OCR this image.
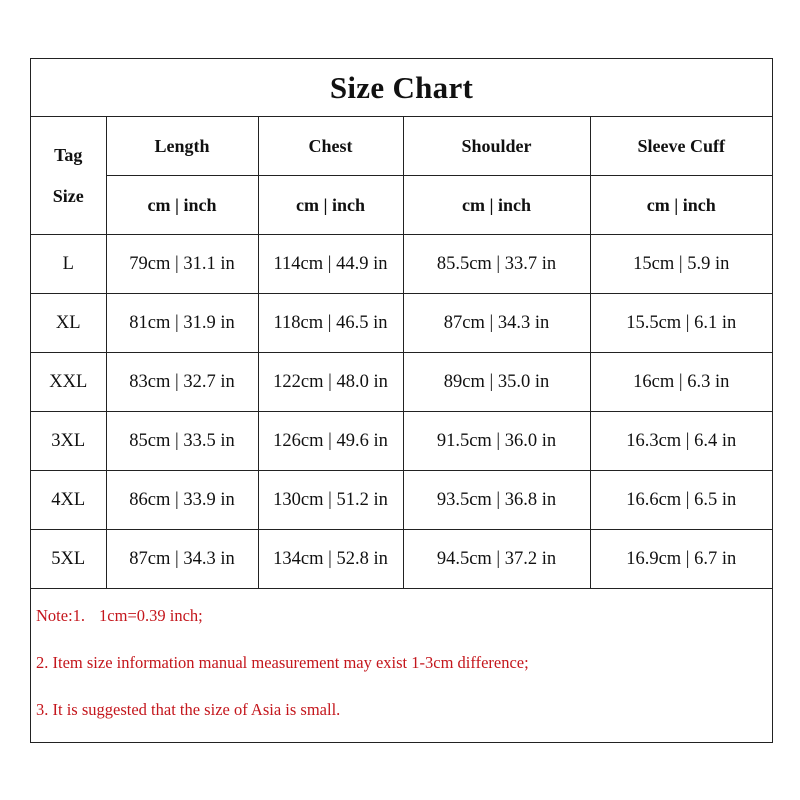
Size Chart
Tag
Size	Length	Chest	Shoulder	Sleeve Cuff
	cm | inch	cm | inch	cm | inch	cm | inch
L	79cm | 31.1 in	114cm | 44.9 in	85.5cm | 33.7 in	15cm | 5.9 in
XL	81cm | 31.9 in	118cm | 46.5 in	87cm | 34.3 in	15.5cm | 6.1 in
XXL	83cm | 32.7 in	122cm | 48.0 in	89cm | 35.0 in	16cm | 6.3 in
3XL	85cm | 33.5 in	126cm | 49.6 in	91.5cm | 36.0 in	16.3cm | 6.4 in
4XL	86cm | 33.9 in	130cm | 51.2 in	93.5cm | 36.8 in	16.6cm | 6.5 in
5XL	87cm | 34.3 in	134cm | 52.8 in	94.5cm | 37.2 in	16.9cm | 6.7 in
Note:1. 1cm=0.39 inch;
2. Item size information manual measurement may exist 1-3cm difference;
3. It is suggested that the size of Asia is small.
